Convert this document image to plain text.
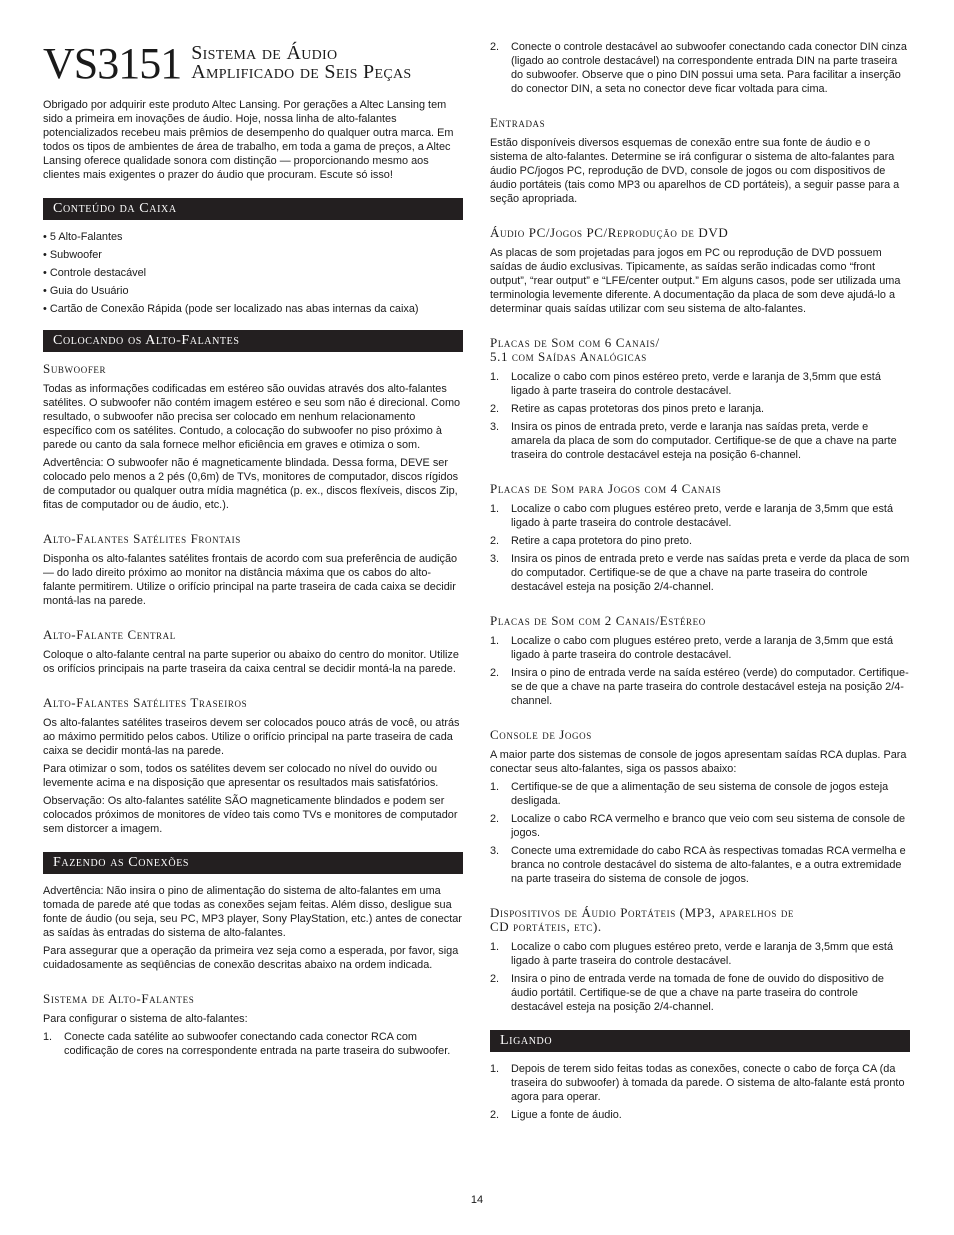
VS3151 Sistema de Áudio
Amplificado de Seis Peças

Obrigado por adquirir este produto Altec Lansing. Por gerações a Altec Lansing tem sido a primeira em inovações de áudio. Hoje, nossa linha de alto-falantes potencializados recebeu mais prêmios de desempenho do qualquer outra marca. Em todos os tipos de ambientes de área de trabalho, em toda a gama de preços, a Altec Lansing oferece qualidade sonora com distinção — proporcionando mesmo aos clientes mais exigentes o prazer do áudio que procuram. Escute só isso!

Conteúdo da Caixa
• 5 Alto-Falantes
• Subwoofer
• Controle destacável
• Guia do Usuário
• Cartão de Conexão Rápida (pode ser localizado nas abas internas da caixa)
Colocando os Alto-Falantes
Subwoofer

Todas as informações codificadas em estéreo são ouvidas através dos alto-falantes satélites. O subwoofer não contém imagem estéreo e seu som não é direcional. Como resultado, o subwoofer não precisa ser colocado em nenhum relacionamento específico com os satélites. Contudo, a colocação do subwoofer no piso próximo à parede ou canto da sala fornece melhor eficiência em graves e otimiza o som.

Advertência: O subwoofer não é magneticamente blindada. Dessa forma, DEVE ser colocado pelo menos a 2 pés (0,6m) de TVs, monitores de computador, discos rígidos de computador ou qualquer outra mídia magnética (p. ex., discos flexíveis, discos Zip, fitas de computador ou de áudio, etc.).

Alto-Falantes Satélites Frontais

Disponha os alto-falantes satélites frontais de acordo com sua preferência de audição — do lado direito próximo ao monitor na distância máxima que os cabos do alto-falante permitirem. Utilize o orifício principal na parte traseira de cada caixa se decidir montá-las na parede.

Alto-Falante Central

Coloque o alto-falante central na parte superior ou abaixo do centro do monitor. Utilize os orifícios principais na parte traseira da caixa central se decidir montá-la na parede.

Alto-Falantes Satélites Traseiros

Os alto-falantes satélites traseiros devem ser colocados pouco atrás de você, ou atrás ao máximo permitido pelos cabos. Utilize o orifício principal na parte traseira de cada caixa se decidir montá-las na parede.

Para otimizar o som, todos os satélites devem ser colocado no nível do ouvido ou levemente acima e na disposição que apresentar os resultados mais satisfatórios.

Observação: Os alto-falantes satélite SÃO magneticamente blindados e podem ser colocados próximos de monitores de vídeo tais como TVs e monitores de computador sem distorcer a imagem.

Fazendo as Conexões

Advertência: Não insira o pino de alimentação do sistema de alto-falantes em uma tomada de parede até que todas as conexões sejam feitas. Além disso, desligue sua fonte de áudio (ou seja, seu PC, MP3 player, Sony PlayStation, etc.) antes de conectar as saídas às entradas do sistema de alto-falantes.

Para assegurar que a operação da primeira vez seja como a esperada, por favor, siga cuidadosamente as seqüências de conexão descritas abaixo na ordem indicada.

Sistema de Alto-Falantes

Para configurar o sistema de alto-falantes:

1.	Conecte cada satélite ao subwoofer conectando cada conector RCA com codificação de cores na correspondente entrada na parte traseira do subwoofer.
2.	Conecte o controle destacável ao subwoofer conectando cada conector DIN cinza (ligado ao controle destacável) na correspondente entrada DIN na parte traseira do subwoofer. Observe que o pino DIN possui uma seta. Para facilitar a inserção do conector DIN, a seta no conector deve ficar voltada para cima.
Entradas

Estão disponíveis diversos esquemas de conexão entre sua fonte de áudio e o sistema de alto-falantes. Determine se irá configurar o sistema de alto-falantes para áudio PC/jogos PC, reprodução de DVD, console de jogos ou com dispositivos de áudio portáteis (tais como MP3 ou aparelhos de CD portáteis), a seguir passe para a seção apropriada.

Áudio PC/Jogos PC/Reprodução de DVD

As placas de som projetadas para jogos em PC ou reprodução de DVD possuem saídas de áudio exclusivas. Tipicamente, as saídas serão indicadas como “front output”, “rear output” e “LFE/center output.” Em alguns casos, pode ser utilizada uma terminologia levemente diferente. A documentação da placa de som deve ajudá-lo a determinar quais saídas utilizar com seu sistema de alto-falantes.

Placas de Som com 6 Canais/
5.1 com Saídas Analógicas
1.	Localize o cabo com pinos estéreo preto, verde e laranja de 3,5mm que está ligado à parte traseira do controle destacável.
2.	Retire as capas protetoras dos pinos preto e laranja.
3.	Insira os pinos de entrada preto, verde e laranja nas saídas preta, verde e amarela da placa de som do computador. Certifique-se de que a chave na parte traseira do controle destacável esteja na posição 6-channel.
Placas de Som para Jogos com 4 Canais
1.	Localize o cabo com plugues estéreo preto, verde e laranja de 3,5mm que está ligado à parte traseira do controle destacável.
2.	Retire a capa protetora do pino preto.
3.	Insira os pinos de entrada preto e verde nas saídas preta e verde da placa de som do computador. Certifique-se de que a chave na parte traseira do controle destacável esteja na posição 2/4-channel.
Placas de Som com 2 Canais/Estéreo
1.	Localize o cabo com plugues estéreo preto, verde a laranja de 3,5mm que está ligado à parte traseira do controle destacável.
2.	Insira o pino de entrada verde na saída estéreo (verde) do computador. Certifique-se de que a chave na parte traseira do controle destacável esteja na posição 2/4-channel.
Console de Jogos

A maior parte dos sistemas de console de jogos apresentam saídas RCA duplas. Para conectar seus alto-falantes, siga os passos abaixo:

1.	Certifique-se de que a alimentação de seu sistema de console de jogos esteja desligada.
2.	Localize o cabo RCA vermelho e branco que veio com seu sistema de console de jogos.
3.	Conecte uma extremidade do cabo RCA às respectivas tomadas RCA vermelha e branca no controle destacável do sistema de alto-falantes, e a outra extremidade na parte traseira do sistema de console de jogos.
Dispositivos de Áudio Portáteis (MP3, aparelhos de
CD portáteis, etc).
1.	Localize o cabo com plugues estéreo preto, verde e laranja de 3,5mm que está ligado à parte traseira do controle destacável.
2.	Insira o pino de entrada verde na tomada de fone de ouvido do dispositivo de áudio portátil. Certifique-se de que a chave na parte traseira do controle destacável esteja na posição 2/4-channel.
Ligando
1.	Depois de terem sido feitas todas as conexões, conecte o cabo de força CA (da traseira do subwoofer) à tomada da parede. O sistema de alto-falante está pronto agora para operar.
2.	Ligue a fonte de áudio.
14
